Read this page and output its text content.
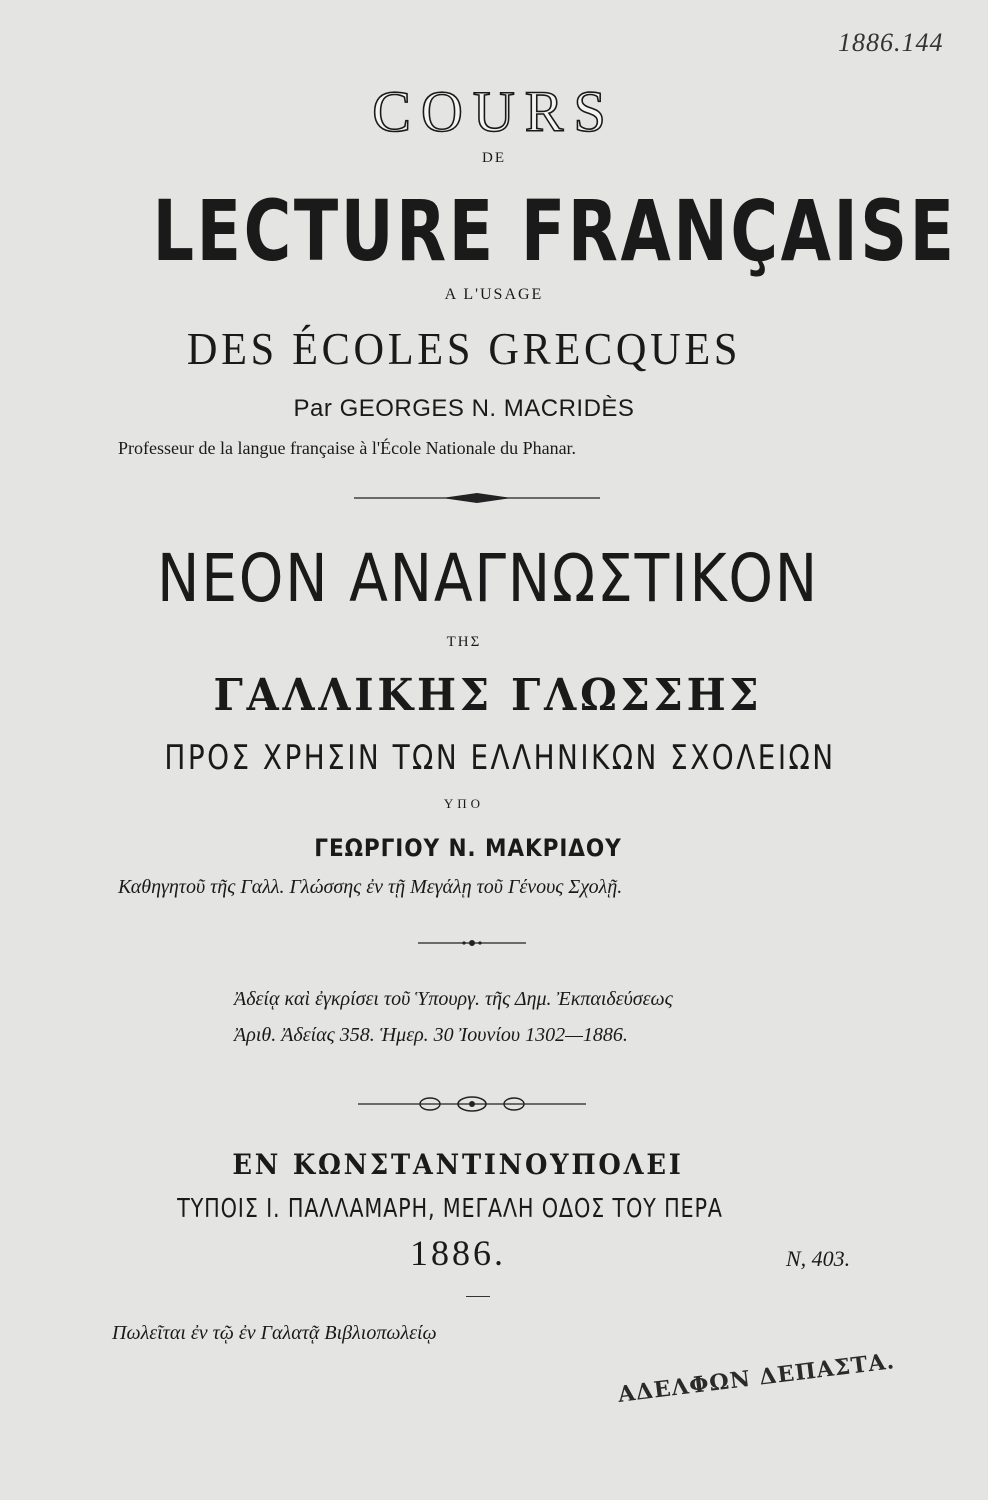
1886.144
COURS
DE
LECTURE FRANÇAISE
A L'USAGE
DES ÉCOLES GRECQUES
Par GEORGES N. MACRIDÈS
Professeur de la langue française à l'École Nationale du Phanar.
ΝΕΟΝ ΑΝΑΓΝΩΣΤΙΚΟΝ
ΤΗΣ
ΓΑΛΛΙΚΗΣ ΓΛΩΣΣΗΣ
ΠΡΟΣ ΧΡΗΣΙΝ ΤΩΝ ΕΛΛΗΝΙΚΩΝ ΣΧΟΛΕΙΩΝ
ΥΠΟ
ΓΕΩΡΓΙΟΥ Ν. ΜΑΚΡΙΔΟΥ
Καθηγητοῦ τῆς Γαλλ. Γλώσσης ἐν τῇ Μεγάλῃ τοῦ Γένους Σχολῇ.
Ἀδείᾳ καὶ ἐγκρίσει τοῦ Ὑπουργ. τῆς Δημ. Ἐκπαιδεύσεως
Ἀριθ. Ἀδείας 358. Ἡμερ. 30 Ἰουνίου 1302—1886.
ΕΝ ΚΩΝΣΤΑΝΤΙΝΟΥΠΟΛΕΙ
ΤΥΠΟΙΣ Ι. ΠΑΛΛΑΜΑΡΗ, ΜΕΓΑΛΗ ΟΔΟΣ ΤΟΥ ΠΕΡΑ
1886.	Ν, 403.
Πωλεῖται ἐν τῷ ἐν Γαλατᾷ Βιβλιοπωλείῳ
ΑΔΕΛΦΩΝ ΔΕΠΑΣΤΑ.
